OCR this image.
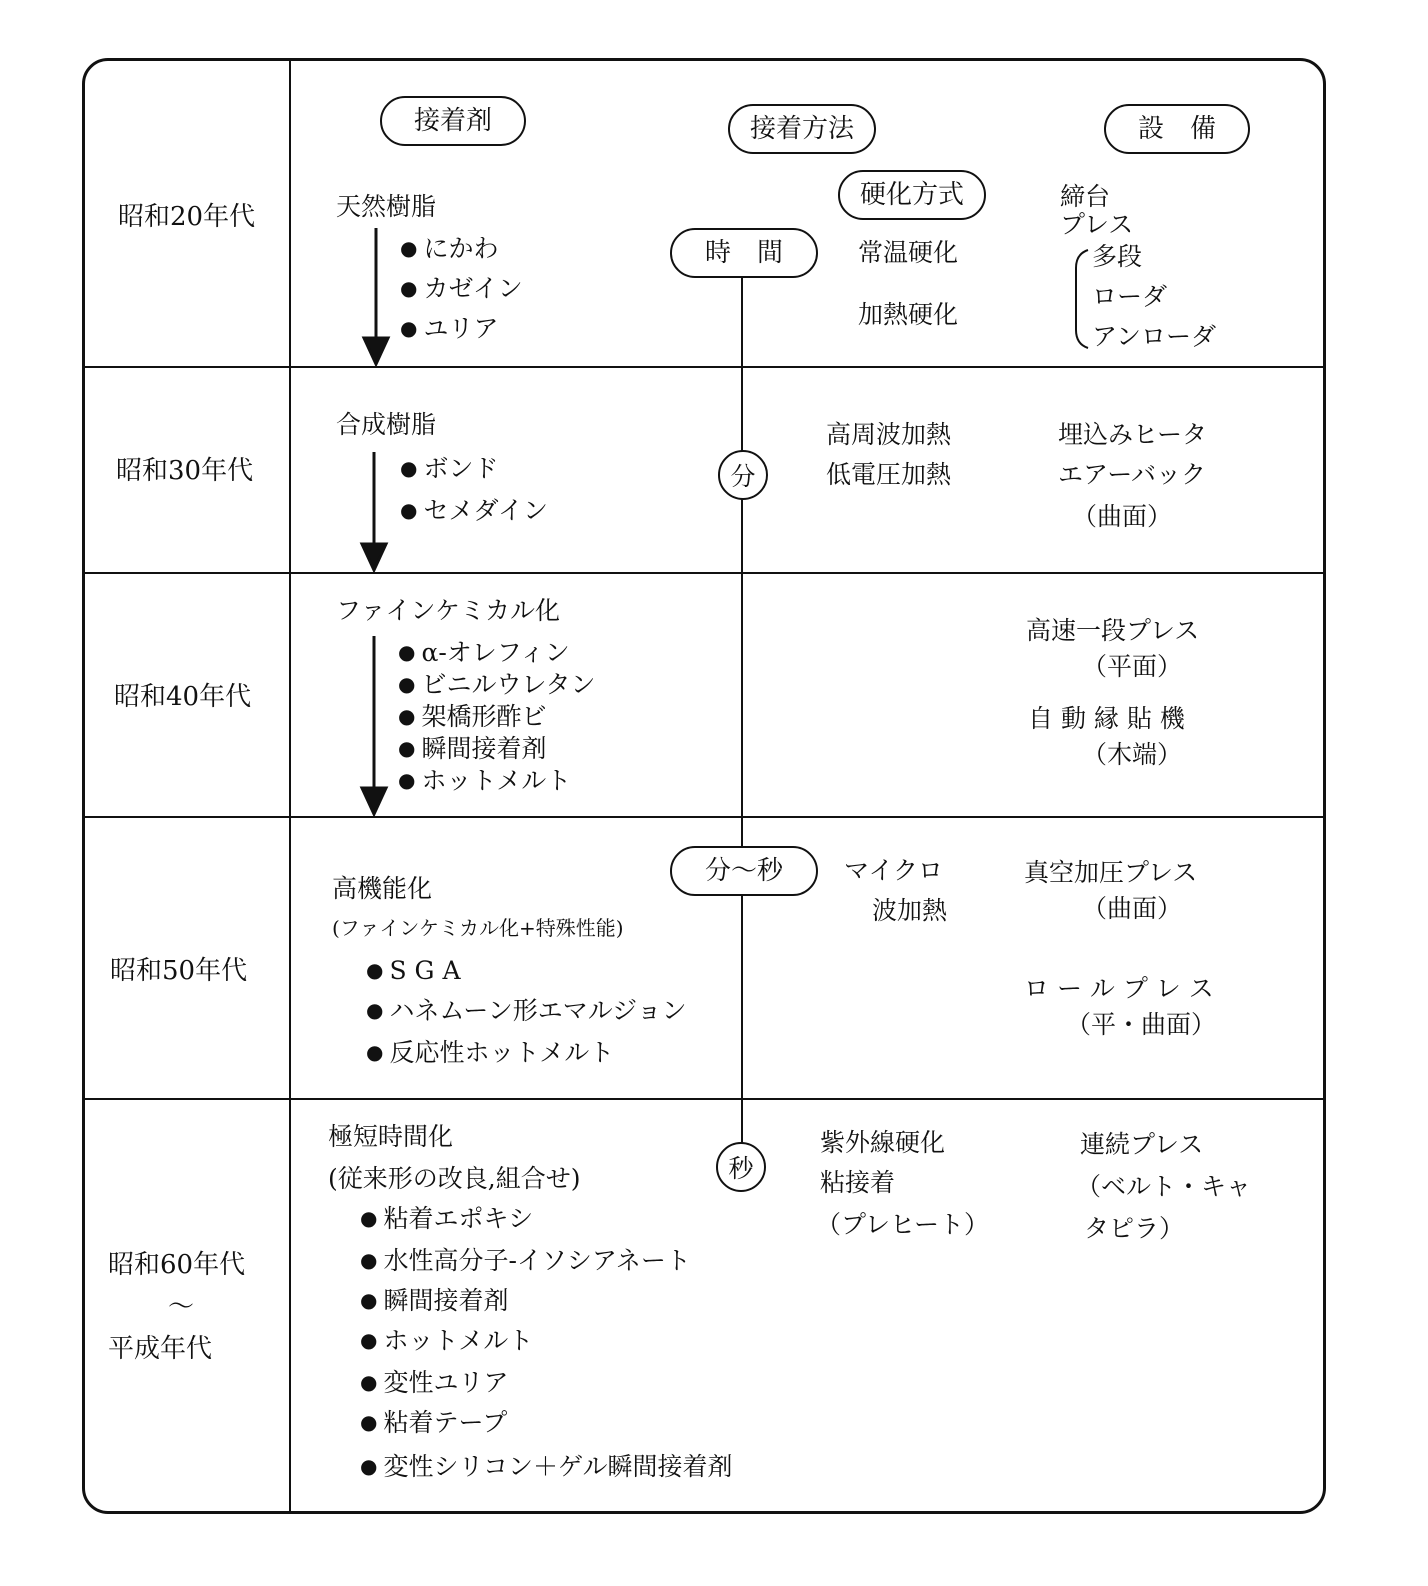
接着剤	接着方法	設　備
硬化方式
時　間
分
分〜秒
秒
昭和20年代
昭和30年代
昭和40年代
昭和50年代
昭和60年代
〜
平成年代
天然樹脂
● にかわ
● カゼイン
● ユリア
常温硬化
加熱硬化
締台
プレス
多段
ローダ
アンローダ
合成樹脂
● ボンド
● セメダイン
高周波加熱
低電圧加熱
埋込みヒータ
エアーバック
（曲面）
ファインケミカル化
● α-オレフィン
● ビニルウレタン
● 架橋形酢ビ
● 瞬間接着剤
● ホットメルト
高速一段プレス
（平面）
自 動 縁 貼 機
（木端）
高機能化
(ファインケミカル化+特殊性能)
● S G A
● ハネムーン形エマルジョン
● 反応性ホットメルト
マイクロ
波加熱
真空加圧プレス
（曲面）
ロ ー ル プ レ ス
（平・曲面）
極短時間化
(従来形の改良,組合せ)
● 粘着エポキシ
● 水性高分子-イソシアネート
● 瞬間接着剤
● ホットメルト
● 変性ユリア
● 粘着テープ
● 変性シリコン＋ゲル瞬間接着剤
紫外線硬化
粘接着
（プレヒート）
連続プレス
（ベルト・キャ
タピラ）
